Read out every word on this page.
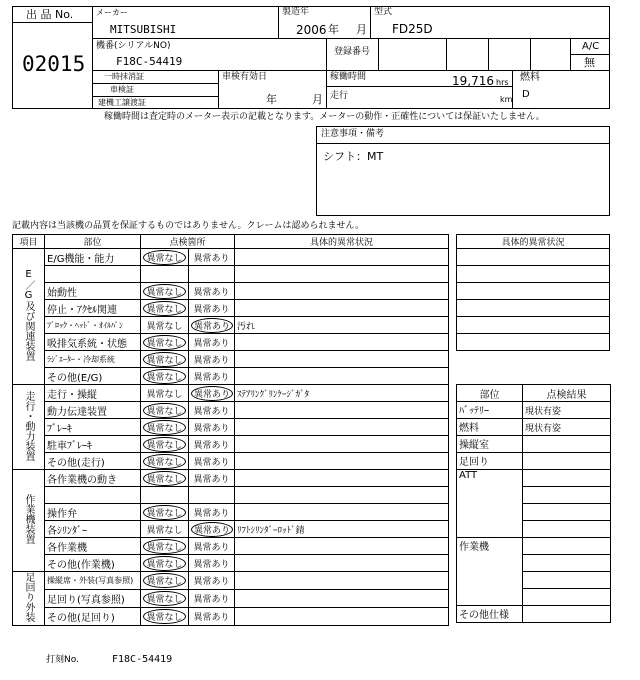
出 品 No.
02015
メーカー
MITSUBISHI
製造年
2006 年 月
型式
FD25D
機番(シリアルNO)
F18C-54419
登録番号	A/C
無
一時抹消証
車検証
建機工譲渡証
車検有効日
年	月
稼働時間	19,716 hrs
走行	km
燃料
D
稼働時間は査定時のメーター表示の記載となります。メーターの動作・正確性については保証いたしません。
注意事項・備考
シフト：MT
記載内容は当該機の品質を保証するものではありません。クレームは認められません。
項目	部位	点検箇所		具体的異常状況
E／G及び関連装置	E/G機能・能力	異常なし	異常あり	

	始動性	異常なし	異常あり	
	停止・ｱｸｾﾙ関連	異常なし	異常あり	
	ﾌﾞﾛｯｸ・ﾍｯﾄﾞ・ｵｲﾙﾊﾟﾝ	異常なし	異常あり	汚れ
	吸排気系統・状態	異常なし	異常あり	
	ﾗｼﾞｴｰﾀｰ・冷却系統	異常なし	異常あり	
	その他(E/G)	異常なし	異常あり	
走行・動力装置	走行・操縦	異常なし	異常あり	ｽﾃｱﾘﾝｸﾞﾘﾝｹｰｼﾞｶﾞﾀ
	動力伝達装置	異常なし	異常あり	
	ﾌﾞﾚｰｷ	異常なし	異常あり	
	駐車ﾌﾞﾚｰｷ	異常なし	異常あり	
	その他(走行)	異常なし	異常あり	
作業機装置	各作業機の動き	異常なし	異常あり	

	操作弁	異常なし	異常あり	
	各ｼﾘﾝﾀﾞｰ	異常なし	異常あり	ﾘﾌﾄｼﾘﾝﾀﾞｰﾛｯﾄﾞ錆
	各作業機	異常なし	異常あり	
	その他(作業機)	異常なし	異常あり	
足回り外装	操縦席・外装(写真参照)	異常なし	異常あり	
	足回り(写真参照)	異常なし	異常あり	
	その他(足回り)	異常なし	異常あり	
具体的異常状況

部位	点検結果
ﾊﾞｯﾃﾘｰ	現状有姿
燃料	現状有姿
操縦室	
足回り	
ATT	

作業機	

その他仕様	
打刻No.	F18C-54419
